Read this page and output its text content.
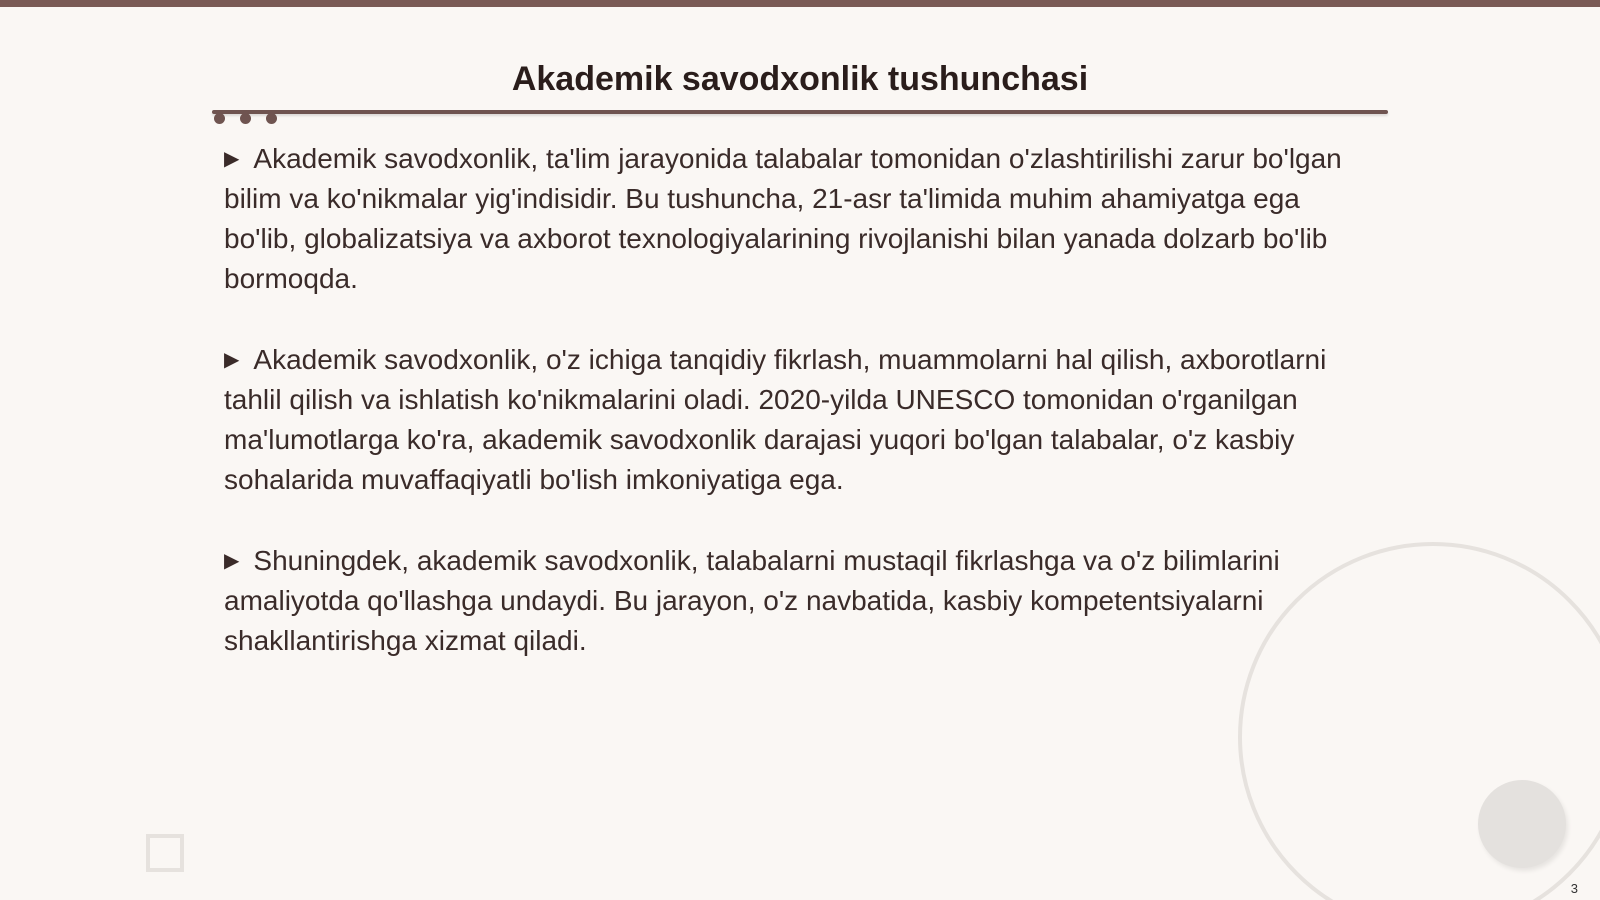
Akademik savodxonlik tushunchasi

▶ Akademik savodxonlik, ta'lim jarayonida talabalar tomonidan o'zlashtirilishi zarur bo'lgan bilim va ko'nikmalar yig'indisidir. Bu tushuncha, 21-asr ta'limida muhim ahamiyatga ega bo'lib, globalizatsiya va axborot texnologiyalarining rivojlanishi bilan yanada dolzarb bo'lib bormoqda.

▶ Akademik savodxonlik, o'z ichiga tanqidiy fikrlash, muammolarni hal qilish, axborotlarni tahlil qilish va ishlatish ko'nikmalarini oladi. 2020-yilda UNESCO tomonidan o'rganilgan ma'lumotlarga ko'ra, akademik savodxonlik darajasi yuqori bo'lgan talabalar, o'z kasbiy sohalarida muvaffaqiyatli bo'lish imkoniyatiga ega.

▶ Shuningdek, akademik savodxonlik, talabalarni mustaqil fikrlashga va o'z bilimlarini amaliyotda qo'llashga undaydi. Bu jarayon, o'z navbatida, kasbiy kompetentsiyalarni shakllantirishga xizmat qiladi.

3
